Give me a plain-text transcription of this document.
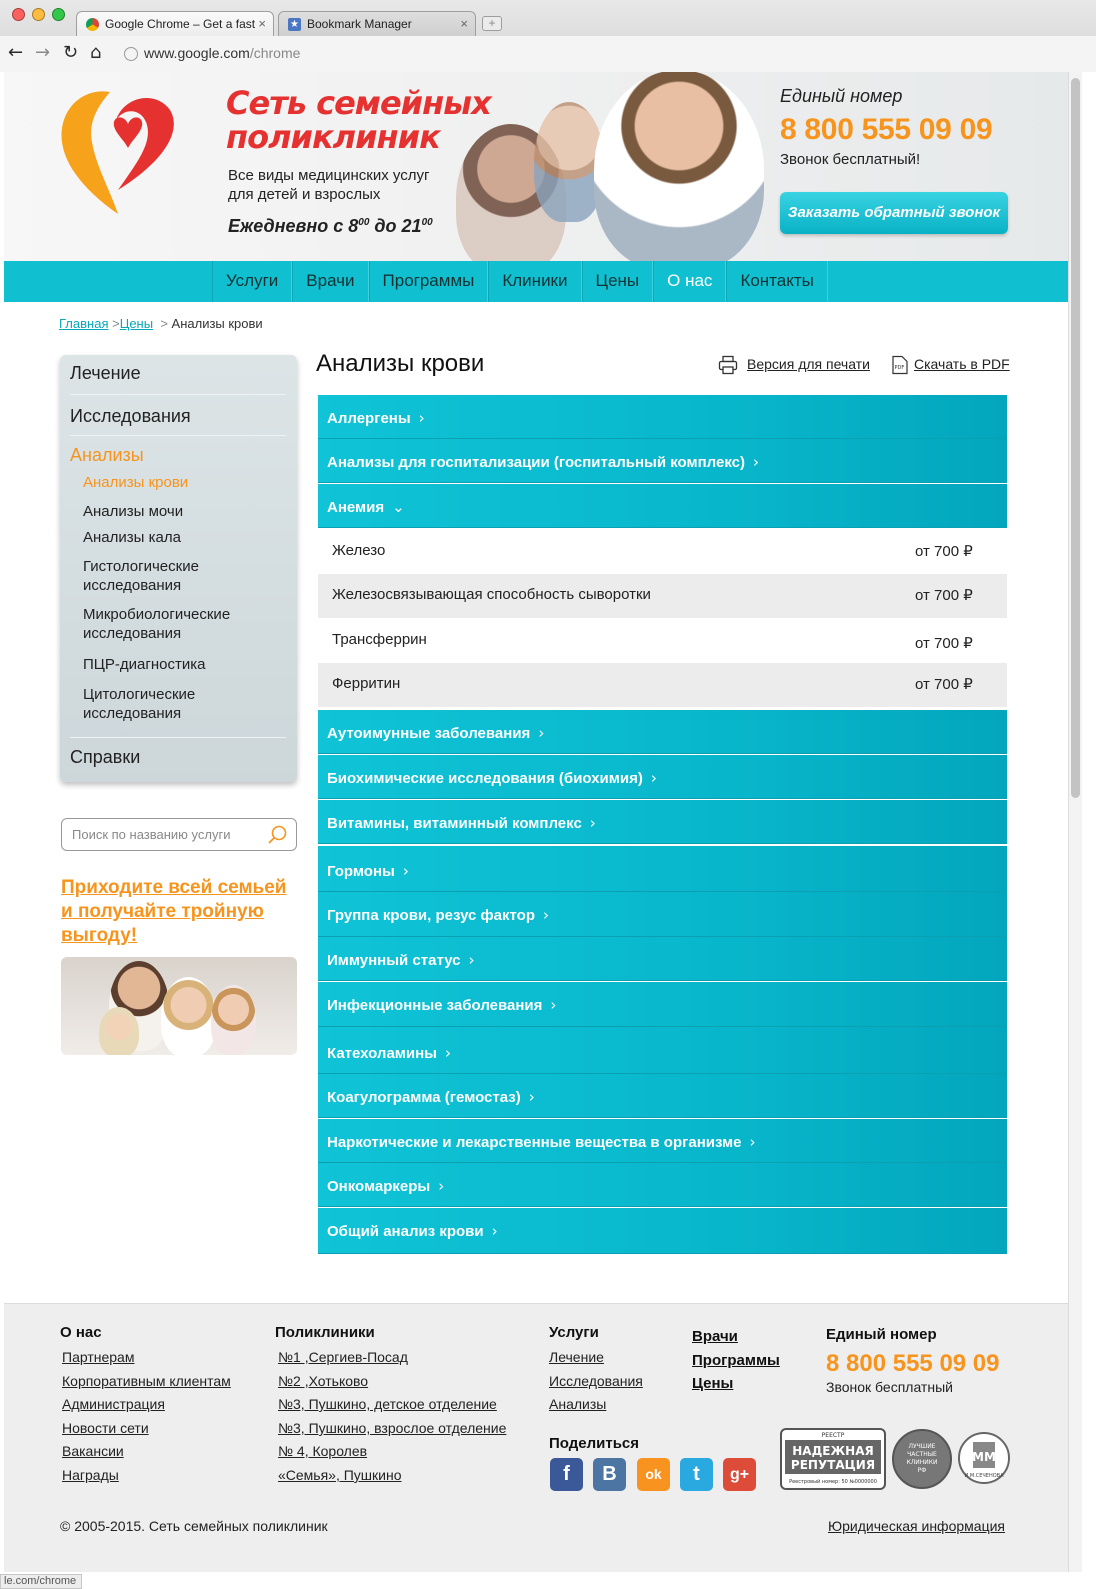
Google Chrome – Get a fast × ★ Bookmark Manager	×	+
← → ↻ ⌂	www.google.com/chrome
Сеть семейных
поликлиник
Все виды медицинских услуг
для детей и взрослых
Ежедневно с $8^{00}$ до $21^{00}$
Единый номер
8 800 555 09 09
Звонок бесплатный!
Заказать обратный звонок
Услуги	Врачи	Программы	Клиники	Цены	О нас	Контакты
Главная >Цены > Анализы крови
Лечение
Исследования
Анализы
Анализы крови
Анализы мочи
Анализы кала
Гистологические исследования
Микробиологические исследования
ПЦР-диагностика
Цитологические исследования
Справки
Поиск по названию услуги
Приходите всей семьей и получайте тройную выгоду!
Анализы крови	Версия для печати	PDF Скачать в PDF
Аллергены ›
Анализы для госпитализации (госпитальный комплекс) ›
Анемия ⌄
Железо	от 700 ₽
Железосвязывающая способность сыворотки	от 700 ₽
Трансферрин	от 700 ₽
Ферритин	от 700 ₽
Аутоимунные заболевания ›
Биохимические исследования (биохимия) ›
Витамины, витаминный комплекс ›
Гормоны ›
Группа крови, резус фактор ›
Иммунный статус ›
Инфекционные заболевания ›
Катехоламины ›
Коагулограмма (гемостаз) ›
Наркотические и лекарственные вещества в организме ›
Онкомаркеры ›
Общий анализ крови ›
О нас
Партнерам
Корпоративным клиентам
Администрация
Новости сети
Вакансии
Награды
Поликлиники
№1 ,Сергиев-Посад
№2 ,Хотьково
№3, Пушкино, детское отделение
№3, Пушкино, взрослое отделение
№ 4, Королев
«Семья», Пушкино
Услуги
Лечение
Исследования
Анализы
Врачи
Программы
Цены
Единый номер
8 800 555 09 09
Звонок бесплатный
Поделиться
f	B	ok	t	g+
РЕЕСТР
НАДЕЖНАЯ
РЕПУТАЦИЯ
Реестровый номер: 50 №0000000
ЛУЧШИЕ
ЧАСТНЫЕ
КЛИНИКИ
РФ
ММ
И.М.СЕЧЕНОВА
© 2005-2015. Сеть семейных поликлиник	Юридическая информация
le.com/chrome
